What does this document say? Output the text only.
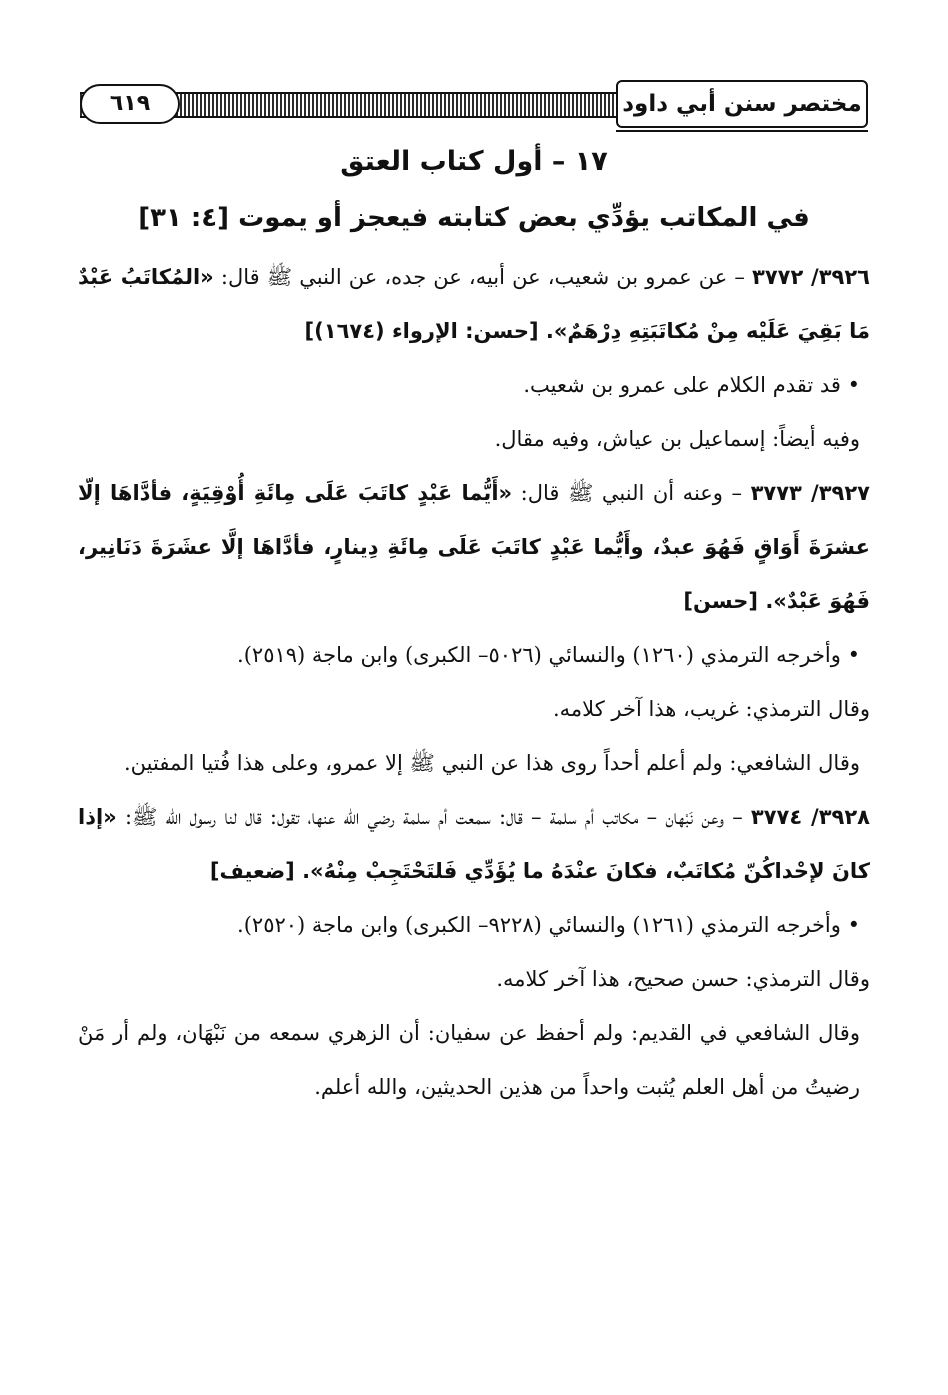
٦١٩	مختصر سنن أبي داود
١٧ – أول كتاب العتق
في المكاتب يؤدِّي بعض كتابته فيعجز أو يموت [٤: ٣١]

٣٩٢٦/ ٣٧٧٢ – عن عمرو بن شعيب، عن أبيه، عن جده، عن النبي ﷺ قال: «المُكاتَبُ عَبْدٌ مَا بَقِيَ عَلَيْه مِنْ مُكاتَبَتِهِ دِرْهَمٌ». [حسن: الإرواء (١٦٧٤)]

• قد تقدم الكلام على عمرو بن شعيب.

وفيه أيضاً: إسماعيل بن عياش، وفيه مقال.

٣٩٢٧/ ٣٧٧٣ – وعنه أن النبي ﷺ قال: «أَيُّما عَبْدٍ كاتَبَ عَلَى مِائَةِ أُوْقِيَةٍ، فأدَّاهَا إلّا عشرَةَ أَوَاقٍ فَهُوَ عبدٌ، وأَيُّما عَبْدٍ كاتَبَ عَلَى مِائَةِ دِينارٍ، فأدَّاهَا إلَّا عشَرَةَ دَنَانِير، فَهُوَ عَبْدٌ». [حسن]

• وأخرجه الترمذي (١٢٦٠) والنسائي (٥٠٢٦– الكبرى) وابن ماجة (٢٥١٩).

وقال الترمذي: غريب، هذا آخر كلامه.

وقال الشافعي: ولم أعلم أحداً روى هذا عن النبي ﷺ إلا عمرو، وعلى هذا فُتيا المفتين.

٣٩٢٨/ ٣٧٧٤ – وعن نَبْهان – مكاتب أم سلمة – قال: سمعت أم سلمة رضي الله عنها، تقول: قال لنا رسول الله ﷺ: «إذا كانَ لإحْداكُنّ مُكاتَبٌ، فكانَ عنْدَهُ ما يُؤَدِّي فَلتَحْتَجِبْ مِنْهُ». [ضعيف]

• وأخرجه الترمذي (١٢٦١) والنسائي (٩٢٢٨– الكبرى) وابن ماجة (٢٥٢٠).

وقال الترمذي: حسن صحيح، هذا آخر كلامه.

وقال الشافعي في القديم: ولم أحفظ عن سفيان: أن الزهري سمعه من نَبْهَان، ولم أر مَنْ رضيتُ من أهل العلم يُثبت واحداً من هذين الحديثين، والله أعلم.
